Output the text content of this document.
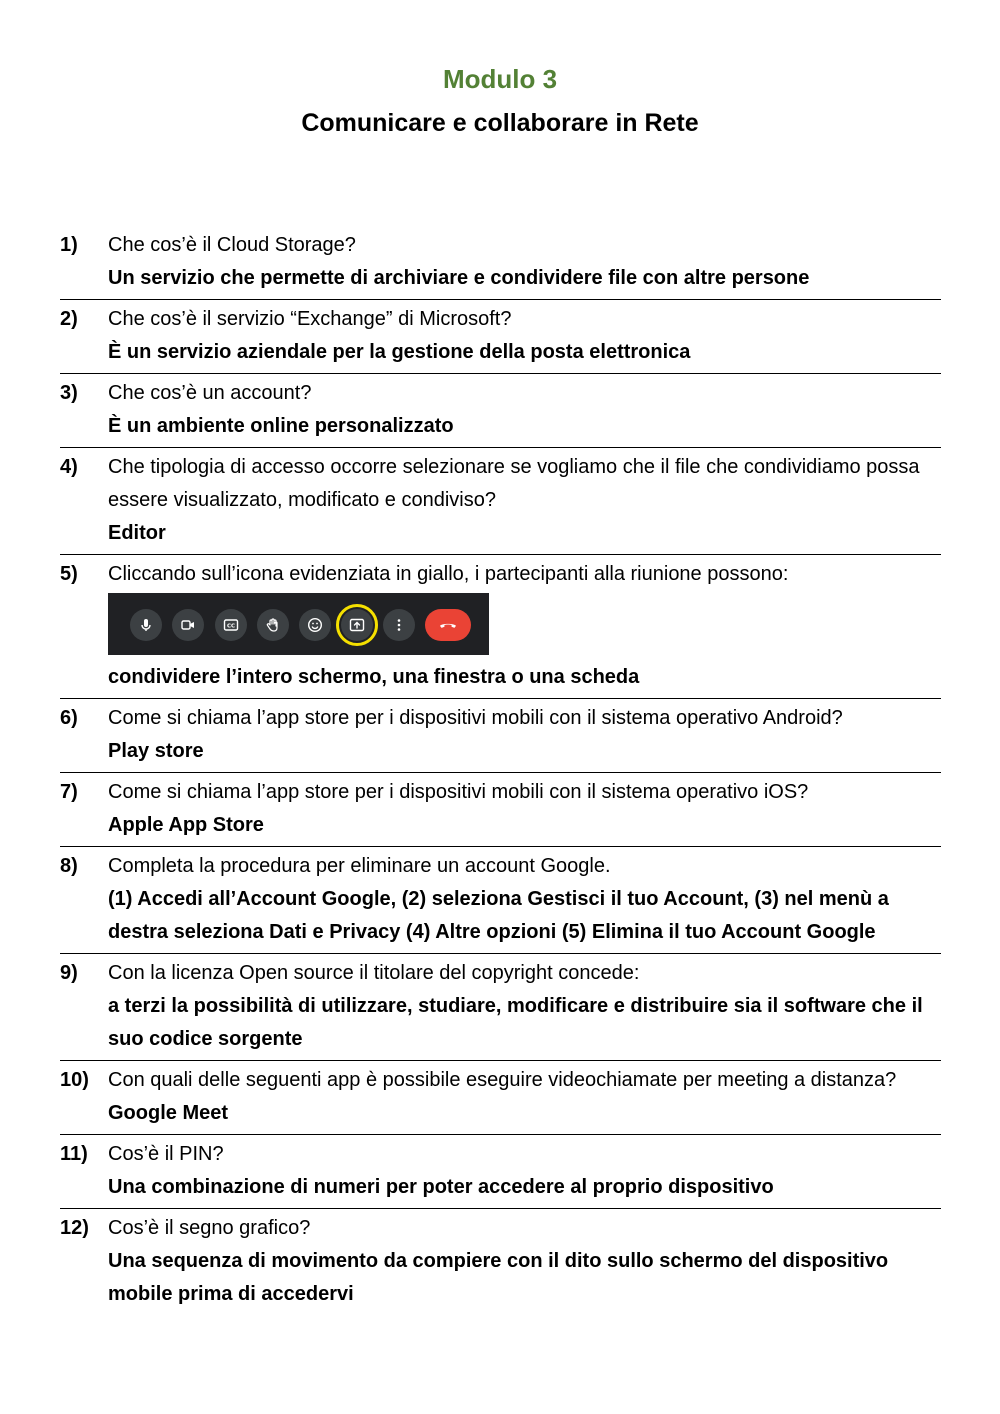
Modulo 3
Comunicare e collaborare in Rete
1)	Che cos’è il Cloud Storage?
Un servizio che permette di archiviare e condividere file con altre persone
2)	Che cos’è il servizio “Exchange” di Microsoft?
È un servizio aziendale per la gestione della posta elettronica
3)	Che cos’è un account?
È un ambiente online personalizzato
4)	Che tipologia di accesso occorre selezionare se vogliamo che il file che condividiamo possa essere visualizzato, modificato e condiviso?
Editor
5)	Cliccando sull’icona evidenziata in giallo, i partecipanti alla riunione possono:
CC
condividere l’intero schermo, una finestra o una scheda
6)	Come si chiama l’app store per i dispositivi mobili con il sistema operativo Android?
Play store
7)	Come si chiama l’app store per i dispositivi mobili con il sistema operativo iOS?
Apple App Store
8)	Completa la procedura per eliminare un account Google.
(1) Accedi all’Account Google, (2) seleziona Gestisci il tuo Account, (3) nel menù a destra seleziona Dati e Privacy (4) Altre opzioni (5) Elimina il tuo Account Google
9)	Con la licenza Open source il titolare del copyright concede:
a terzi la possibilità di utilizzare, studiare, modificare e distribuire sia il software che il suo codice sorgente
10) Con quali delle seguenti app è possibile eseguire videochiamate per meeting a distanza?
Google Meet
11)	Cos’è il PIN?
Una combinazione di numeri per poter accedere al proprio dispositivo
12) Cos’è il segno grafico?
Una sequenza di movimento da compiere con il dito sullo schermo del dispositivo mobile prima di accedervi
